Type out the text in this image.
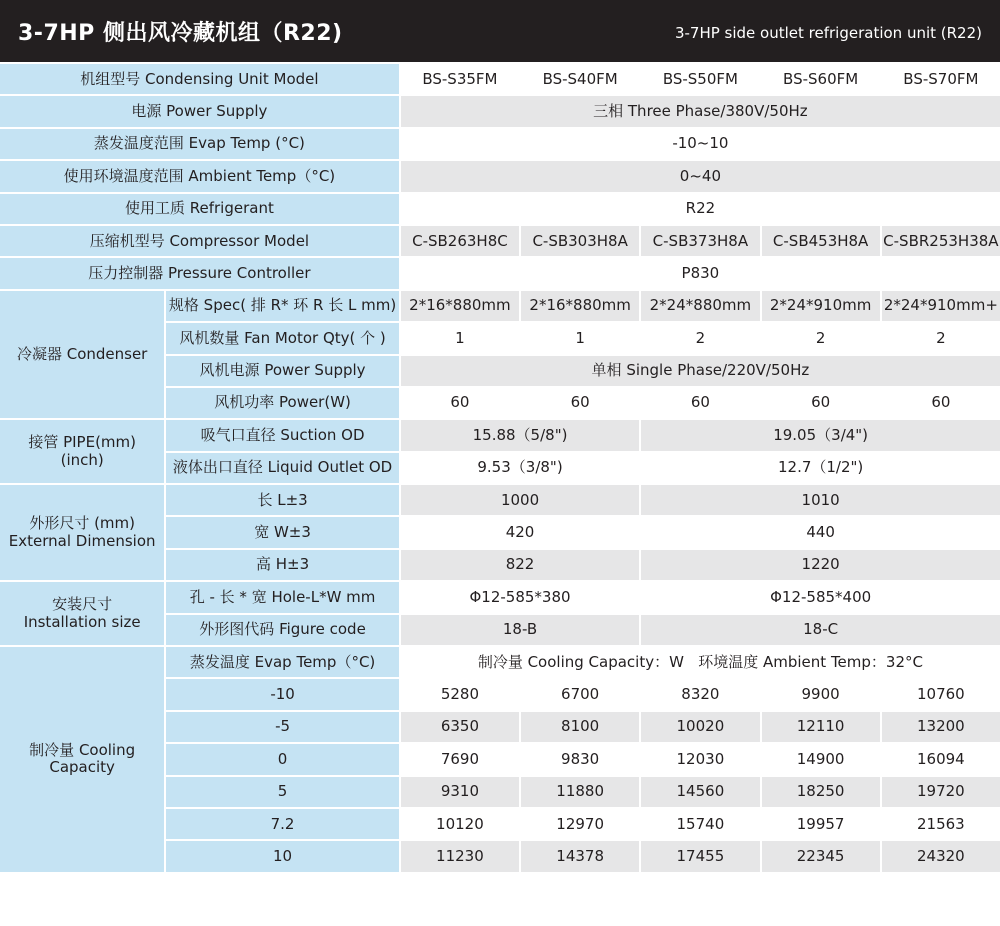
3-7HP 侧出风冷藏机组（R22)	3-7HP side outlet refrigeration unit (R22)
机组型号 Condensing Unit Model		BS-S35FM	BS-S40FM	BS-S50FM	BS-S60FM	BS-S70FM
电源 Power Supply		三相 Three Phase/380V/50Hz				
蒸发温度范围 Evap Temp (°C)		-10~10				
使用环境温度范围 Ambient Temp（°C)		0~40				
使用工质 Refrigerant		R22				
压缩机型号 Compressor Model		C-SB263H8C	C-SB303H8A	C-SB373H8A	C-SB453H8A	C-SBR253H38A
压力控制器 Pressure Controller		P830				
冷凝器 Condenser	规格 Spec( 排 R* 环 R 长 L mm)	2*16*880mm	2*16*880mm	2*24*880mm	2*24*910mm	2*24*910mm+
	风机数量 Fan Motor Qty( 个 )	1	1	2	2	2
	风机电源 Power Supply	单相 Single Phase/220V/50Hz				
	风机功率 Power(W)	60	60	60	60	60
接管 PIPE(mm)
(inch)	吸气口直径 Suction OD	15.88（5/8")		19.05（3/4")		
	液体出口直径 Liquid Outlet OD	9.53（3/8")		12.7（1/2")		
外形尺寸 (mm)
External Dimension	长 L±3	1000		1010		
	宽 W±3	420		440		
	高 H±3	822		1220		
安装尺寸
Installation size	孔 - 长 * 宽 Hole-L*W mm	Φ12-585*380		Φ12-585*400		
	外形图代码 Figure code	18-B		18-C		
制冷量 Cooling
Capacity	蒸发温度 Evap Temp（°C)	制冷量 Cooling Capacity：W   环境温度 Ambient Temp：32°C				
	-10	5280	6700	8320	9900	10760
	-5	6350	8100	10020	12110	13200
	0	7690	9830	12030	14900	16094
	5	9310	11880	14560	18250	19720
	7.2	10120	12970	15740	19957	21563
	10	11230	14378	17455	22345	24320
